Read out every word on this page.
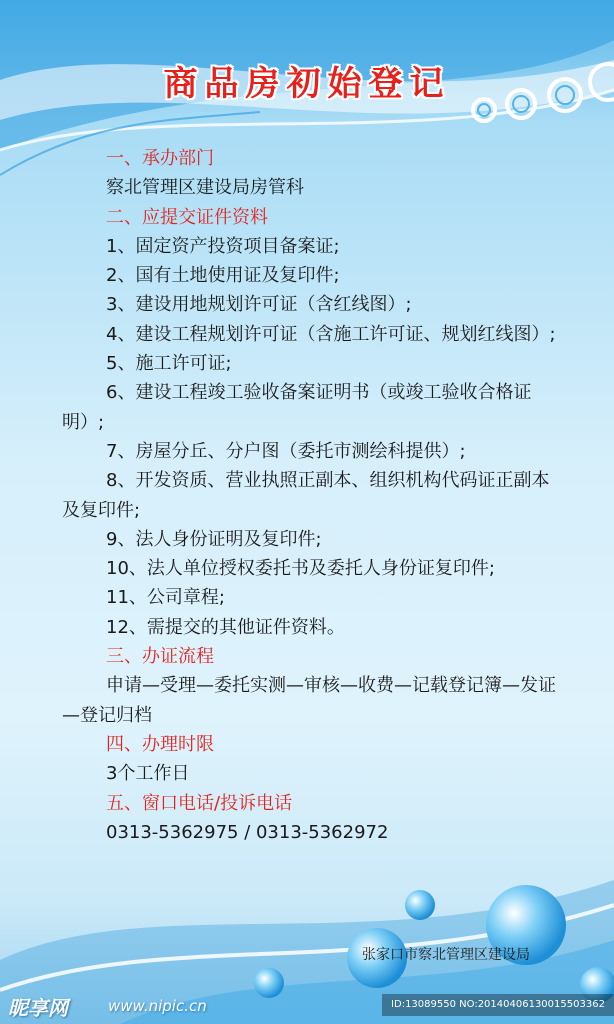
商品房初始登记

一、承办部门

察北管理区建设局房管科

二、应提交证件资料

1、固定资产投资项目备案证;

2、国有土地使用证及复印件;

3、建设用地规划许可证（含红线图）;

4、建设工程规划许可证（含施工许可证、规划红线图）;

5、施工许可证;

6、建设工程竣工验收备案证明书（或竣工验收合格证明）;

7、房屋分丘、分户图（委托市测绘科提供）;

8、开发资质、营业执照正副本、组织机构代码证正副本及复印件;

9、法人身份证明及复印件;

10、法人单位授权委托书及委托人身份证复印件;

11、公司章程;

12、需提交的其他证件资料。

三、办证流程

申请—受理—委托实测—审核—收费—记载登记簿—发证—登记归档

四、办理时限

3个工作日

五、窗口电话/投诉电话

0313-5362975 / 0313-5362972

张家口市察北管理区建设局
昵享网	www.nipic.cn	ID:13089550 NO:20140406130015503362
